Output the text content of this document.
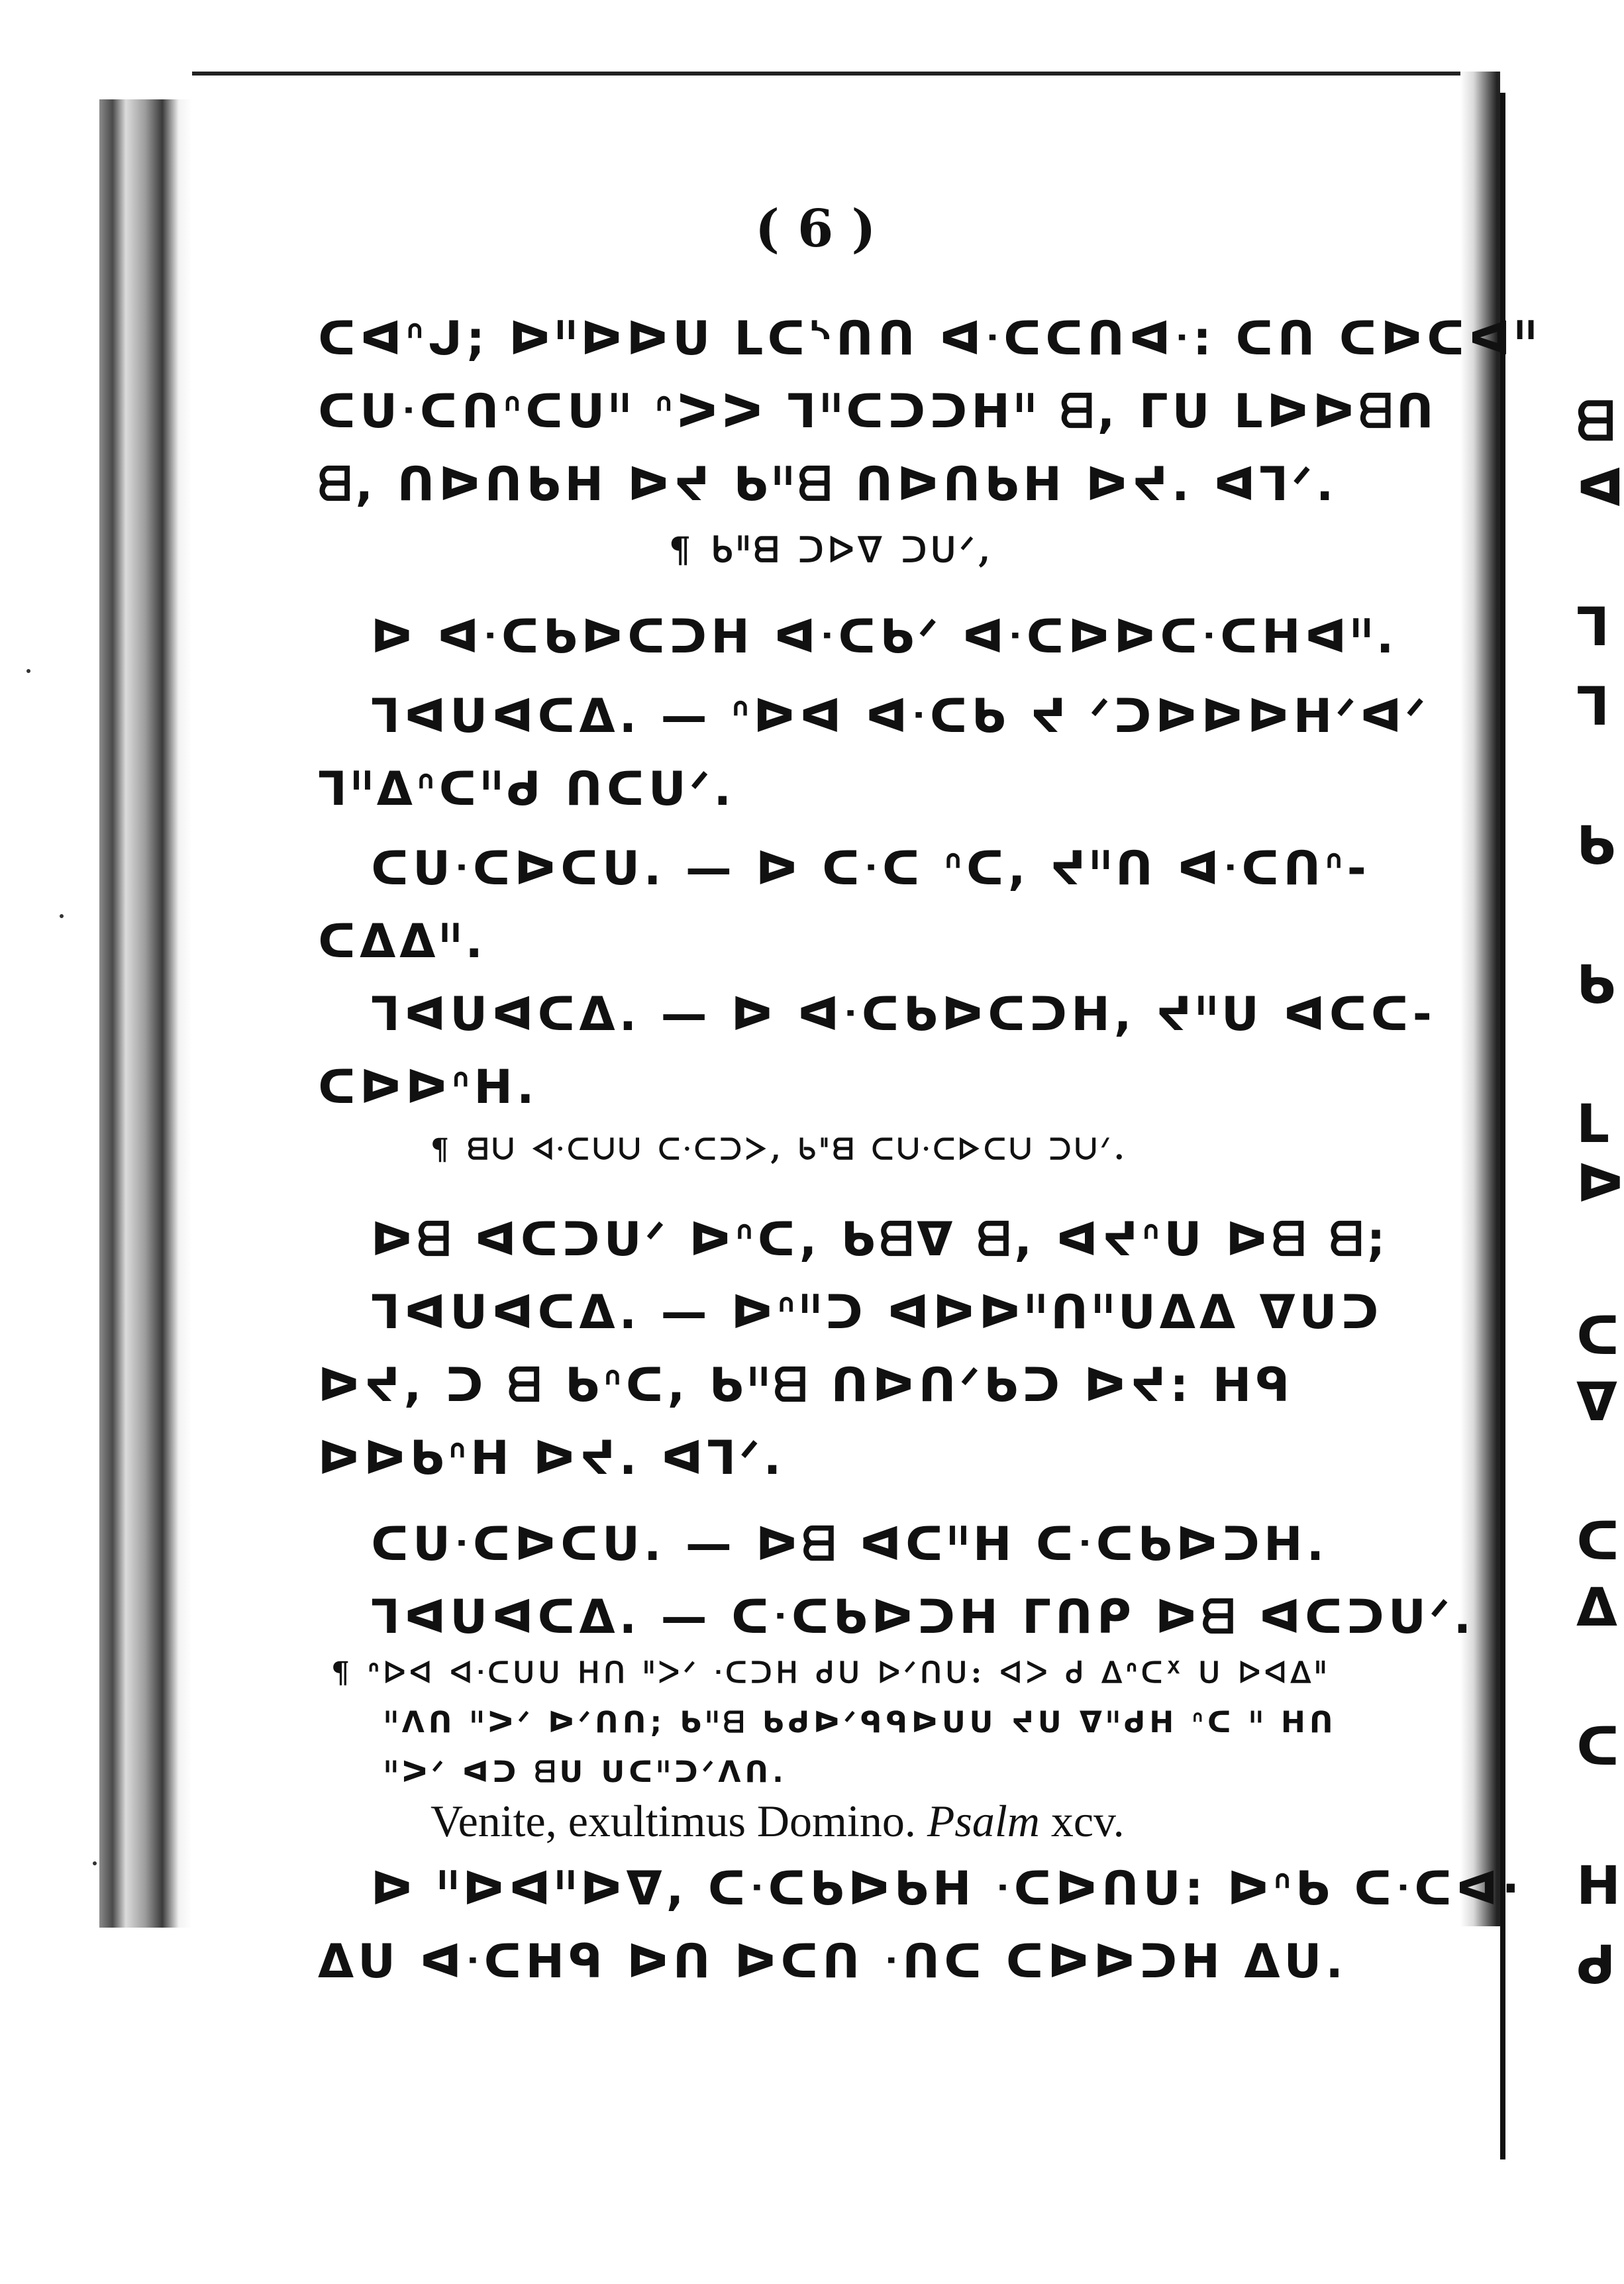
( 6 )
ᑕᐊᐢᒍ; ᐅᐦᐅᐅᑌ ᒪᑕᔅᑎᑎ ᐊᐧᑕᑕᑎᐊᐧ: ᑕᑎ ᑕᐅᑕᐊᐦ
ᑕᑌᐧᑕᑎᐢᑕᑌᐦ ᐢᐳᐳ ᒣᐦᑕᑐᑐᕼᐦ ᗺ, ᒥᑌ ᒪᐅᐅᗺᑎ
ᗺ, ᑎᐅᑎᑲᕼ ᐅᔪ ᑲᐦᗺ ᑎᐅᑎᑲᕼ ᐅᔪ. ᐊᒣᐟ.
¶ ᑲᐦᗺ ᑐᐅᐁ ᑐᑌᐟ,
ᐅ ᐊᐧᑕᑲᐅᑕᑐᕼ ᐊᐧᑕᑲᐟ ᐊᐧᑕᐅᐅᑕᐧᑕᕼᐊᐦ.
ᒣᐊᑌᐊᑕᐃ. — ᐢᐅᐊ ᐊᐧᑕᑲ ᔪ ᐟᑐᐅᐅᐅᕼᐟᐊᐟ
ᒣᐦᐃᐢᑕᐦᑯ ᑎᑕᑌᐟ.
ᑕᑌᐧᑕᐅᑕᑌ. — ᐅ ᑕᐧᑕ ᐢᑕ, ᔪᐦᑎ ᐊᐧᑕᑎᐢ-
ᑕᐃᐃᐦ.
ᒣᐊᑌᐊᑕᐃ. — ᐅ ᐊᐧᑕᑲᐅᑕᑐᕼ, ᔪᐦᑌ ᐊᑕᑕ-
ᑕᐅᐅᐢᕼ.
¶ ᗺᑌ ᐊᐧᑕᑌᑌ ᑕᐧᑕᑐᐳ, ᑲᐦᗺ ᑕᑌᐧᑕᐅᑕᑌ ᑐᑌᐟ.
ᐅᗺ ᐊᑕᑐᑌᐟ ᐅᐢᑕ, ᑲᗺᐁ ᗺ, ᐊᔪᐢᑌ ᐅᗺ ᗺ;
ᒣᐊᑌᐊᑕᐃ. — ᐅᐢᐦᑐ ᐊᐅᐅᐦᑎᐦᑌᐃᐃ ᐁᑌᑐ
ᐅᔪ, ᑐ ᗺ ᑲᐢᑕ, ᑲᐦᗺ ᑎᐅᑎᐟᑲᑐ ᐅᔪ: ᕼᑫ
ᐅᐅᑲᐢᕼ ᐅᔪ. ᐊᒣᐟ.
ᑕᑌᐧᑕᐅᑕᑌ. — ᐅᗺ ᐊᑕᐦᕼ ᑕᐧᑕᑲᐅᑐᕼ.
ᒣᐊᑌᐊᑕᐃ. — ᑕᐧᑕᑲᐅᑐᕼ ᒥᑎᑭ ᐅᗺ ᐊᑕᑐᑌᐟ.
¶ ᐢᐅᐊ ᐊᐧᑕᑌᑌ ᕼᑎ ᐦᐳᐟ ᐧᑕᑐᕼ ᑯᑌ ᐅᐟᑎᑌ: ᐊᐳ ᑯ ᐃᐢᑕᕽ ᑌ ᐅᐊᐃᐦ
ᐦᐱᑎ ᐦᐳᐟ ᐅᐟᑎᑎ; ᑲᐦᗺ ᑲᑯᐅᐟᑫᑫᐅᑌᑌ ᔪᑌ ᐁᐦᑯᕼ ᐢᑕ ᐦ ᕼᑎ
ᐦᐳᐟ ᐊᑐ ᗺᑌ ᑌᑕᐦᑐᐟᐱᑎ.
Venite, exultimus Domino. Psalm xcv.
ᐅ ᐦᐅᐊᐦᐅᐁ, ᑕᐧᑕᑲᐅᑲᕼ ᐧᑕᐅᑎᑌ: ᐅᐢᑲ ᑕᐧᑕᐊ·
ᐃᑌ ᐊᐧᑕᕼᑫ ᐅᑎ ᐅᑕᑎ ᐧᑎᑕ ᑕᐅᐅᑐᕼ ᐃᑌ.
ᗺ
ᐊ
ᒣ
ᒣ
ᑲ
ᑲ
ᒪ
ᐅ
ᑕ
ᐁ
ᑕ
ᐃ
ᑕ
ᕼ
ᑯ
